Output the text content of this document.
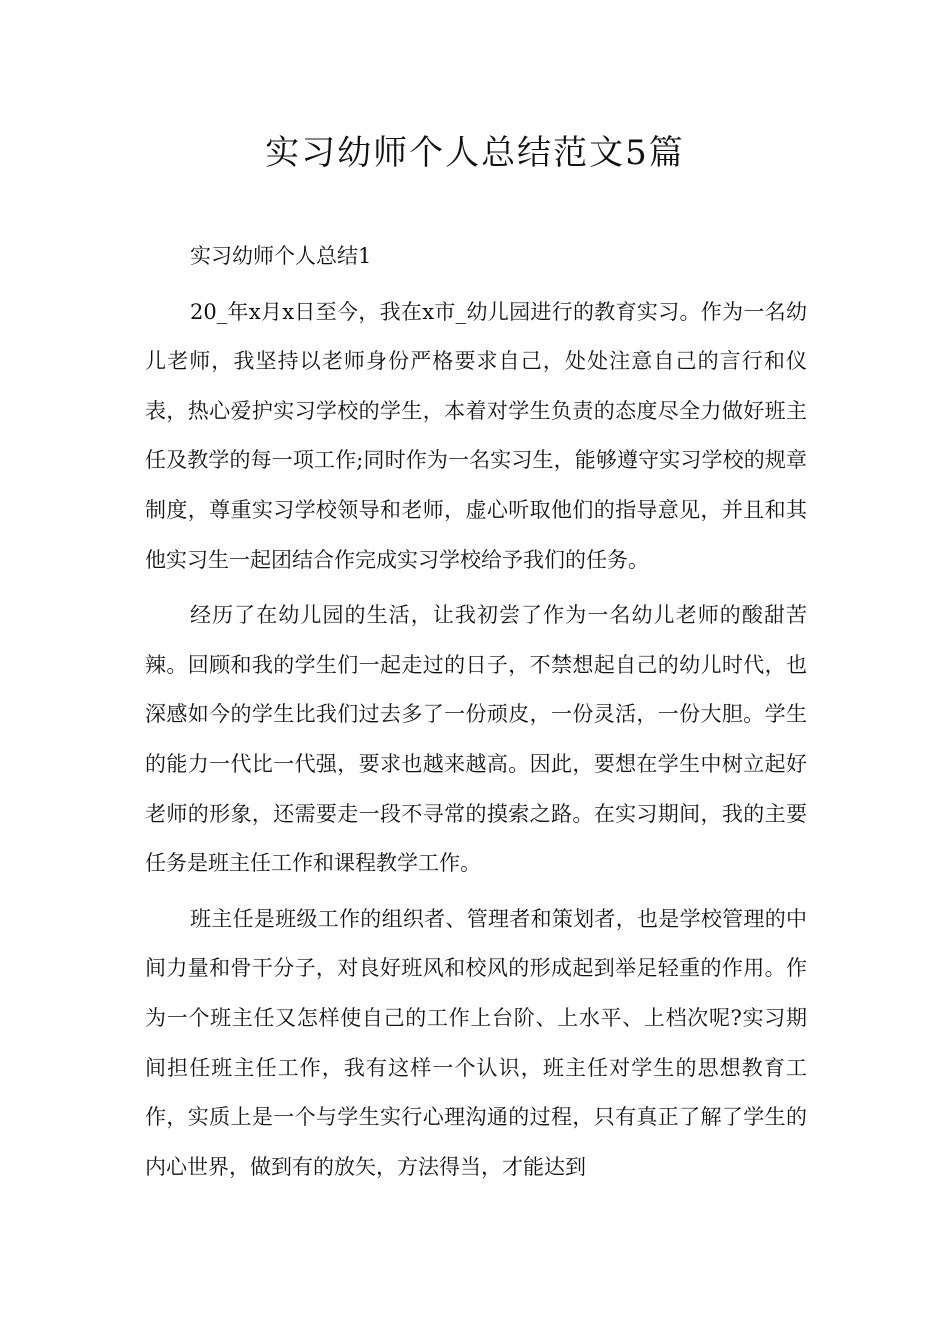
实习幼师个人总结范文5篇
实习幼师个人总结1

20_年x月x日至今，我在x市_幼儿园进行的教育实习。作为一名幼儿老师，我坚持以老师身份严格要求自己，处处注意自己的言行和仪表，热心爱护实习学校的学生，本着对学生负责的态度尽全力做好班主任及教学的每一项工作;同时作为一名实习生，能够遵守实习学校的规章制度，尊重实习学校领导和老师，虚心听取他们的指导意见，并且和其他实习生一起团结合作完成实习学校给予我们的任务。

经历了在幼儿园的生活，让我初尝了作为一名幼儿老师的酸甜苦辣。回顾和我的学生们一起走过的日子，不禁想起自己的幼儿时代，也深感如今的学生比我们过去多了一份顽皮，一份灵活，一份大胆。学生的能力一代比一代强，要求也越来越高。因此，要想在学生中树立起好老师的形象，还需要走一段不寻常的摸索之路。在实习期间，我的主要任务是班主任工作和课程教学工作。

班主任是班级工作的组织者、管理者和策划者，也是学校管理的中间力量和骨干分子，对良好班风和校风的形成起到举足轻重的作用。作为一个班主任又怎样使自己的工作上台阶、上水平、上档次呢?实习期间担任班主任工作，我有这样一个认识，班主任对学生的思想教育工作，实质上是一个与学生实行心理沟通的过程，只有真正了解了学生的内心世界，做到有的放矢，方法得当，才能达到
